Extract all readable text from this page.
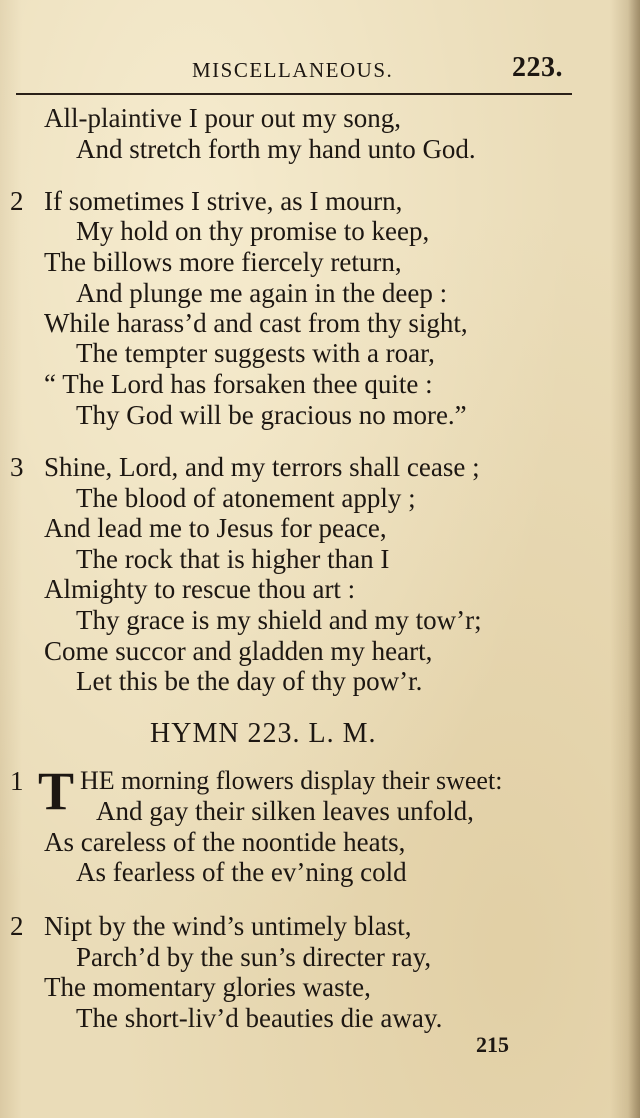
MISCELLANEOUS.	223.
All-plaintive I pour out my song,
And stretch forth my hand unto God.
2 If sometimes I strive, as I mourn,
My hold on thy promise to keep,
The billows more fiercely return,
And plunge me again in the deep :
While harass’d and cast from thy sight,
The tempter suggests with a roar,
“ The Lord has forsaken thee quite :
Thy God will be gracious no more.”
3 Shine, Lord, and my terrors shall cease ;
The blood of atonement apply ;
And lead me to Jesus for peace,
The rock that is higher than I
Almighty to rescue thou art :
Thy grace is my shield and my tow’r;
Come succor and gladden my heart,
Let this be the day of thy pow’r.
HYMN 223. L. M.
1 T HE morning flowers display their sweet:
And gay their silken leaves unfold,
As careless of the noontide heats,
As fearless of the ev’ning cold
2 Nipt by the wind’s untimely blast,
Parch’d by the sun’s directer ray,
The momentary glories waste,
The short-liv’d beauties die away.
215
